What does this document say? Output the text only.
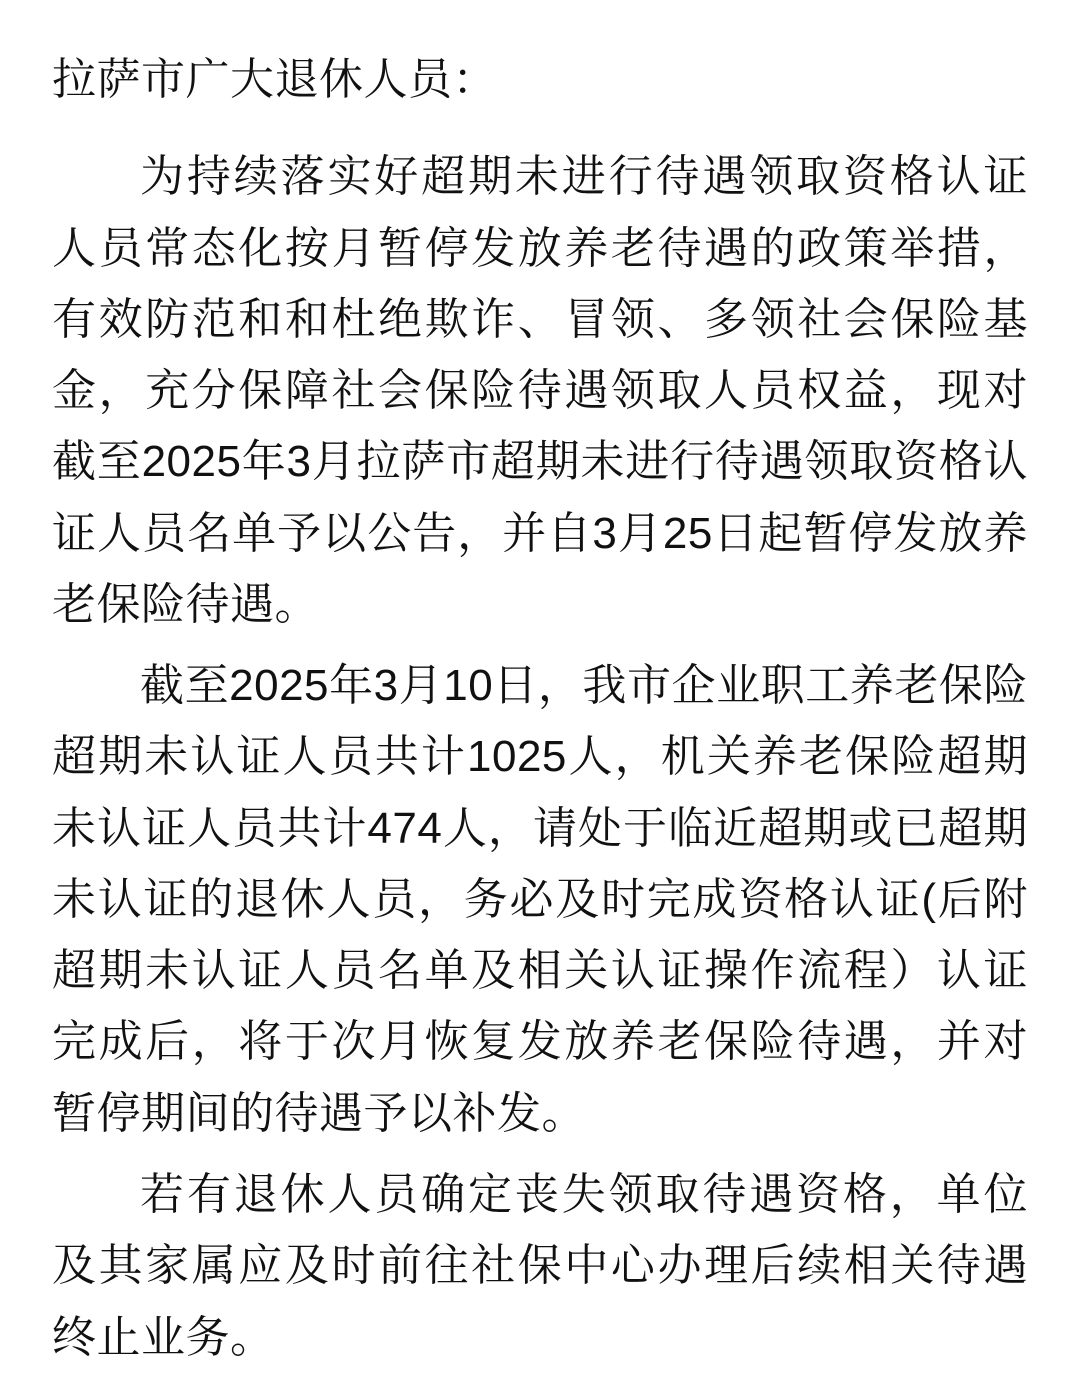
拉萨市广大退休人员：

为持续落实好超期未进行待遇领取资格认证人员常态化按月暂停发放养老待遇的政策举措，有效防范和和杜绝欺诈、冒领、多领社会保险基金，充分保障社会保险待遇领取人员权益，现对截至2025年3月拉萨市超期未进行待遇领取资格认证人员名单予以公告，并自3月25日起暂停发放养老保险待遇。

截至2025年3月10日，我市企业职工养老保险超期未认证人员共计1025人，机关养老保险超期未认证人员共计474人，请处于临近超期或已超期未认证的退休人员，务必及时完成资格认证(后附超期未认证人员名单及相关认证操作流程）认证完成后，将于次月恢复发放养老保险待遇，并对暂停期间的待遇予以补发。

若有退休人员确定丧失领取待遇资格，单位及其家属应及时前往社保中心办理后续相关待遇终止业务。
